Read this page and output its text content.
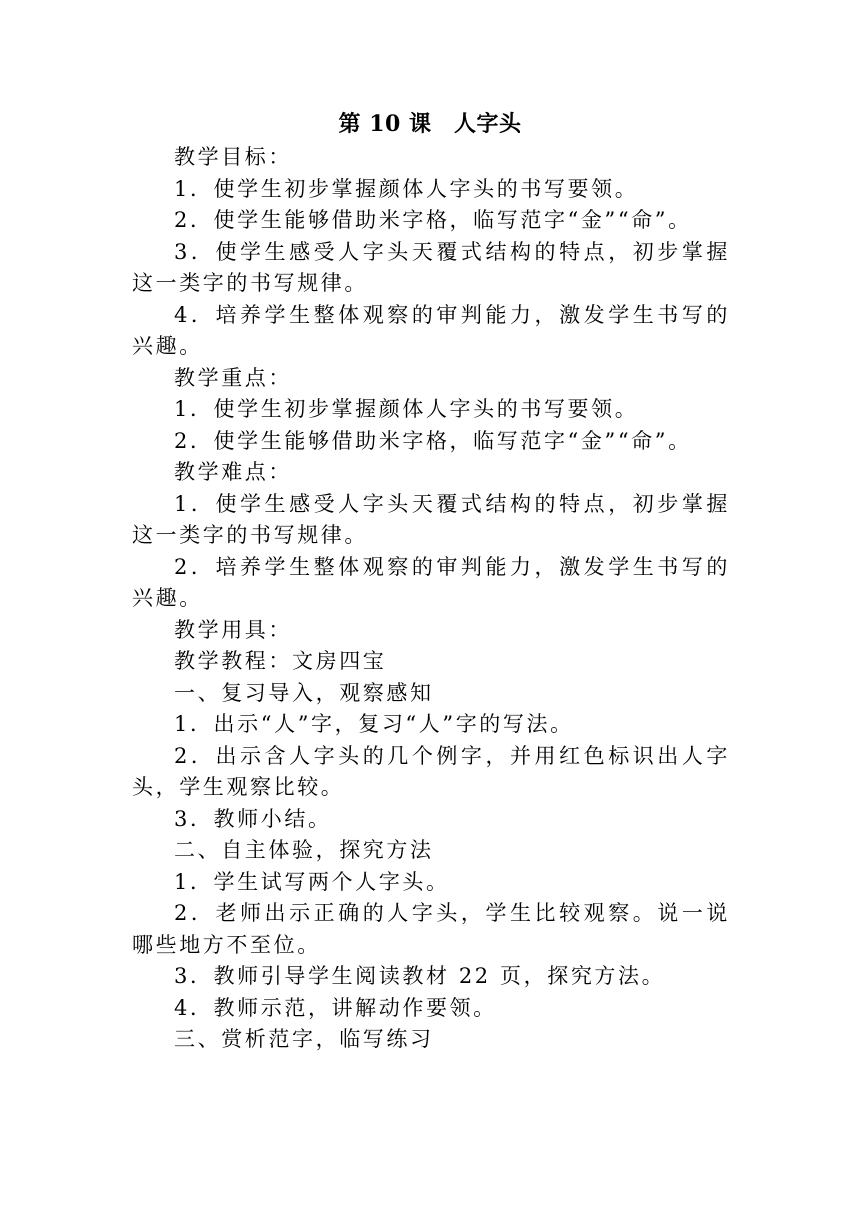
第 10 课　人字头

教学目标：

1．使学生初步掌握颜体人字头的书写要领。

2．使学生能够借助米字格，临写范字“金”“命”。

3．使学生感受人字头天覆式结构的特点，初步掌握这一类字的书写规律。

4．培养学生整体观察的审判能力，激发学生书写的兴趣。

教学重点：

1．使学生初步掌握颜体人字头的书写要领。

2．使学生能够借助米字格，临写范字“金”“命”。

教学难点：

1．使学生感受人字头天覆式结构的特点，初步掌握这一类字的书写规律。

2．培养学生整体观察的审判能力，激发学生书写的兴趣。

教学用具：

教学教程：文房四宝

一、复习导入，观察感知

1．出示“人”字，复习“人”字的写法。

2．出示含人字头的几个例字，并用红色标识出人字头，学生观察比较。

3．教师小结。

二、自主体验，探究方法

1．学生试写两个人字头。

2．老师出示正确的人字头，学生比较观察。说一说哪些地方不至位。

3．教师引导学生阅读教材 22 页，探究方法。

4．教师示范，讲解动作要领。

三、赏析范字，临写练习
